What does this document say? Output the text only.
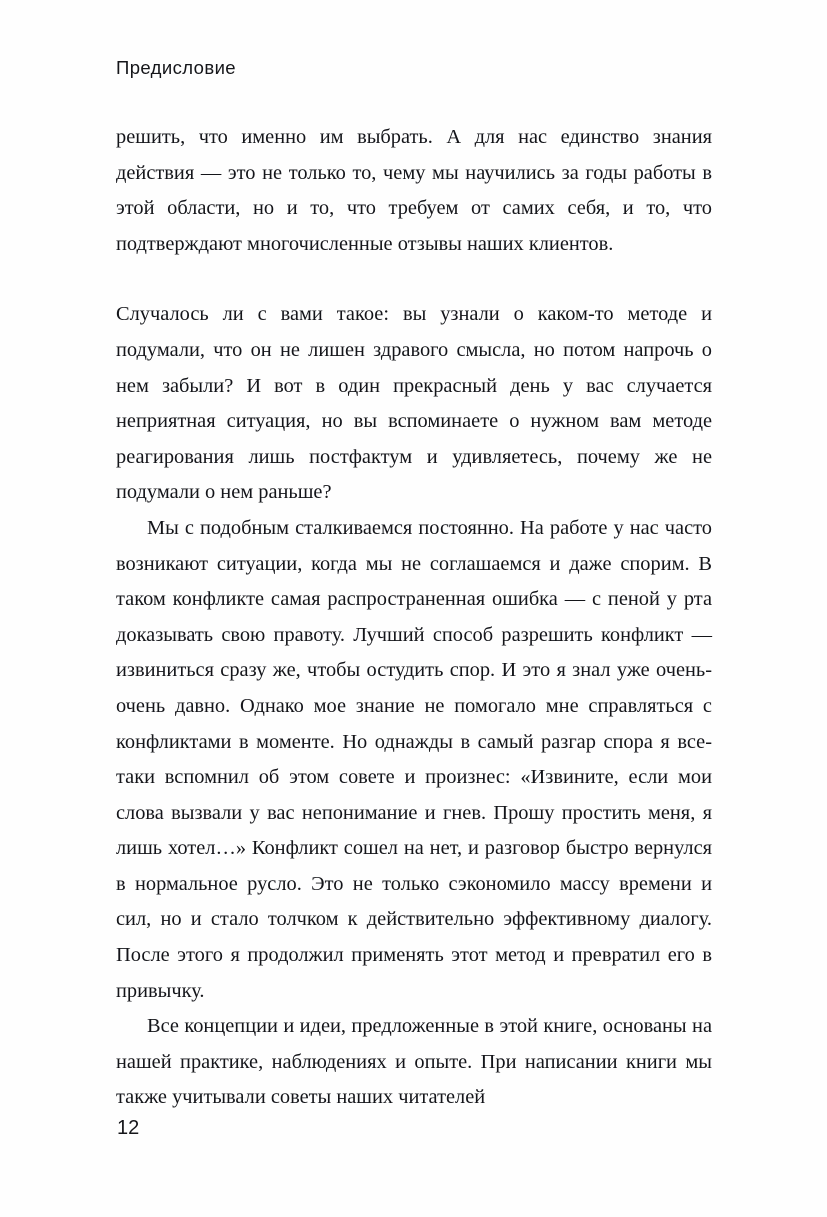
Предисловие

решить, что именно им выбрать. А для нас единство знания действия — это не только то, чему мы научились за годы работы в этой области, но и то, что требуем от самих себя, и то, что подтверждают многочисленные отзывы наших клиентов.

Случалось ли с вами такое: вы узнали о каком-то методе и подумали, что он не лишен здравого смысла, но потом напрочь о нем забыли? И вот в один прекрасный день у вас случается неприятная ситуация, но вы вспоминаете о нужном вам методе реагирования лишь постфактум и удивляетесь, почему же не подумали о нем раньше?

Мы с подобным сталкиваемся постоянно. На работе у нас часто возникают ситуации, когда мы не соглашаемся и даже спорим. В таком конфликте самая распространенная ошибка — с пеной у рта доказывать свою правоту. Лучший способ разрешить конфликт — извиниться сразу же, чтобы остудить спор. И это я знал уже очень-очень давно. Однако мое знание не помогало мне справляться с конфликтами в моменте. Но однажды в самый разгар спора я все-таки вспомнил об этом совете и произнес: «Извините, если мои слова вызвали у вас непонимание и гнев. Прошу простить меня, я лишь хотел…» Конфликт сошел на нет, и разговор быстро вернулся в нормальное русло. Это не только сэкономило массу времени и сил, но и стало толчком к действительно эффективному диалогу. После этого я продолжил применять этот метод и превратил его в привычку.

Все концепции и идеи, предложенные в этой книге, основаны на нашей практике, наблюдениях и опыте. При написании книги мы также учитывали советы наших читателей

12
